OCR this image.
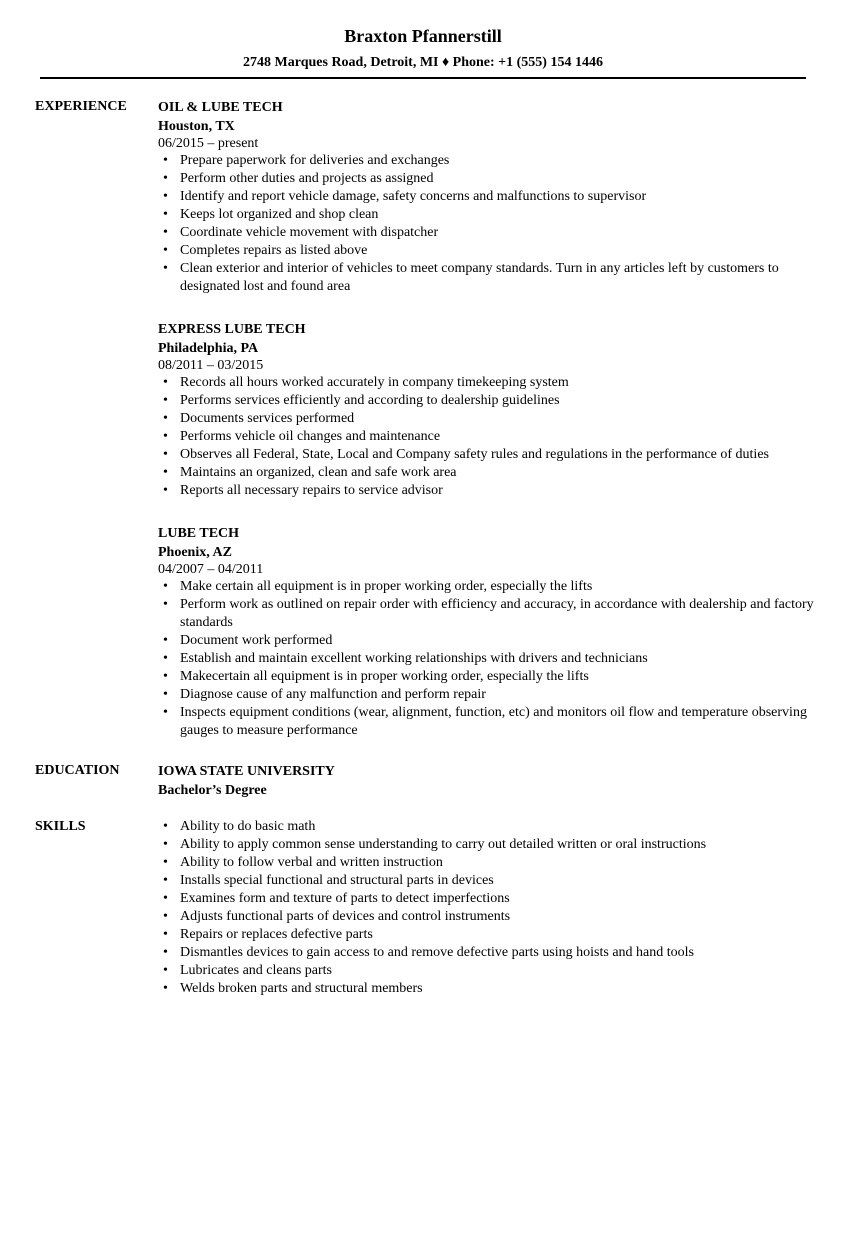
Braxton Pfannerstill
2748 Marques Road, Detroit, MI ♦ Phone: +1 (555) 154 1446
EXPERIENCE OIL & LUBE TECH
Houston, TX
06/2015 – present
• Prepare paperwork for deliveries and exchanges
• Perform other duties and projects as assigned
• Identify and report vehicle damage, safety concerns and malfunctions to supervisor
• Keeps lot organized and shop clean
• Coordinate vehicle movement with dispatcher
• Completes repairs as listed above
• Clean exterior and interior of vehicles to meet company standards. Turn in any articles left by customers to designated lost and found area
EXPRESS LUBE TECH
Philadelphia, PA
08/2011 – 03/2015
• Records all hours worked accurately in company timekeeping system
• Performs services efficiently and according to dealership guidelines
• Documents services performed
• Performs vehicle oil changes and maintenance
• Observes all Federal, State, Local and Company safety rules and regulations in the performance of duties
• Maintains an organized, clean and safe work area
• Reports all necessary repairs to service advisor
LUBE TECH
Phoenix, AZ
04/2007 – 04/2011
• Make certain all equipment is in proper working order, especially the lifts
• Perform work as outlined on repair order with efficiency and accuracy, in accordance with dealership and factory standards
• Document work performed
• Establish and maintain excellent working relationships with drivers and technicians
• Makecertain all equipment is in proper working order, especially the lifts
• Diagnose cause of any malfunction and perform repair
• Inspects equipment conditions (wear, alignment, function, etc) and monitors oil flow and temperature observing gauges to measure performance
EDUCATION	IOWA STATE UNIVERSITY
Bachelor’s Degree
SKILLS
•	Ability to do basic math
• Ability to apply common sense understanding to carry out detailed written or oral instructions
• Ability to follow verbal and written instruction
• Installs special functional and structural parts in devices
• Examines form and texture of parts to detect imperfections
• Adjusts functional parts of devices and control instruments
• Repairs or replaces defective parts
• Dismantles devices to gain access to and remove defective parts using hoists and hand tools
• Lubricates and cleans parts
• Welds broken parts and structural members
